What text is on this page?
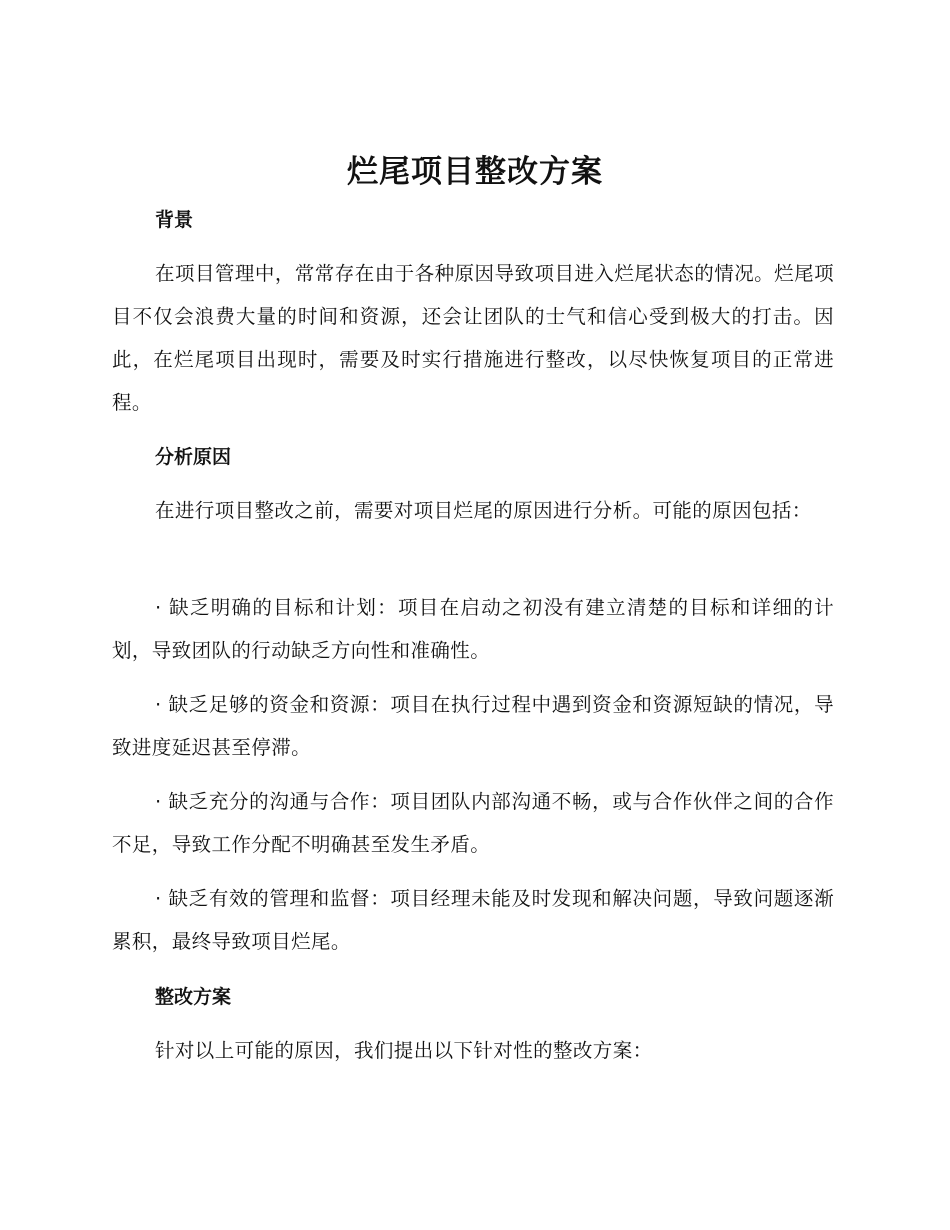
烂尾项目整改方案
背景

在项目管理中，常常存在由于各种原因导致项目进入烂尾状态的情况。烂尾项目不仅会浪费大量的时间和资源，还会让团队的士气和信心受到极大的打击。因此，在烂尾项目出现时，需要及时实行措施进行整改，以尽快恢复项目的正常进程。

分析原因

在进行项目整改之前，需要对项目烂尾的原因进行分析。可能的原因包括：

· 缺乏明确的目标和计划：项目在启动之初没有建立清楚的目标和详细的计划，导致团队的行动缺乏方向性和准确性。

· 缺乏足够的资金和资源：项目在执行过程中遇到资金和资源短缺的情况，导致进度延迟甚至停滞。

· 缺乏充分的沟通与合作：项目团队内部沟通不畅，或与合作伙伴之间的合作不足，导致工作分配不明确甚至发生矛盾。

· 缺乏有效的管理和监督：项目经理未能及时发现和解决问题，导致问题逐渐累积，最终导致项目烂尾。

整改方案

针对以上可能的原因，我们提出以下针对性的整改方案：
